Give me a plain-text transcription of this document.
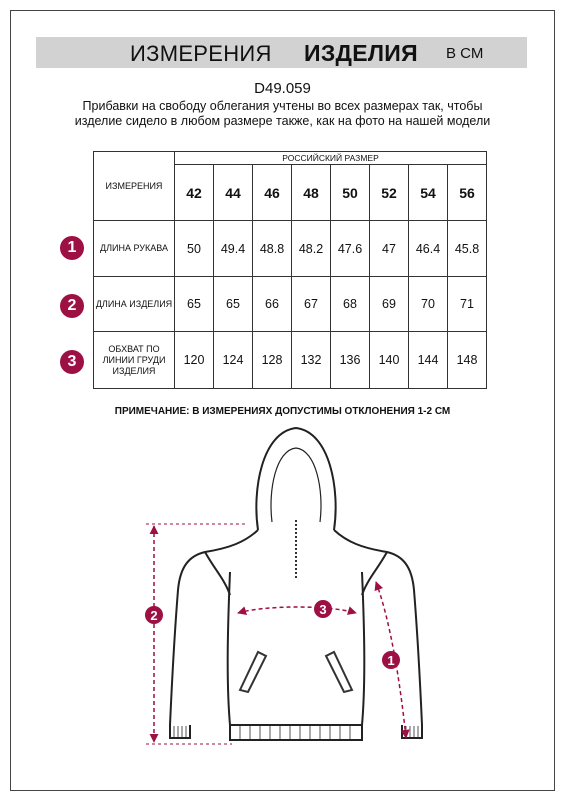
ИЗМЕРЕНИЯ ИЗДЕЛИЯ В СМ
D49.059
Прибавки на свободу облегания учтены во всех размерах так, чтобы изделие сидело в любом размере также, как на фото на нашей модели
ИЗМЕРЕНИЯ	РОССИЙСКИЙ РАЗМЕР							
	42	44	46	48	50	52	54	56
ДЛИНА РУКАВА	50	49.4	48.8	48.2	47.6	47	46.4	45.8
ДЛИНА ИЗДЕЛИЯ	65	65	66	67	68	69	70	71
ОБХВАТ ПО ЛИНИИ ГРУДИ ИЗДЕЛИЯ	120	124	128	132	136	140	144	148
1
2
3
ПРИМЕЧАНИЕ: В ИЗМЕРЕНИЯХ ДОПУСТИМЫ ОТКЛОНЕНИЯ 1-2 СМ
2	3
1
